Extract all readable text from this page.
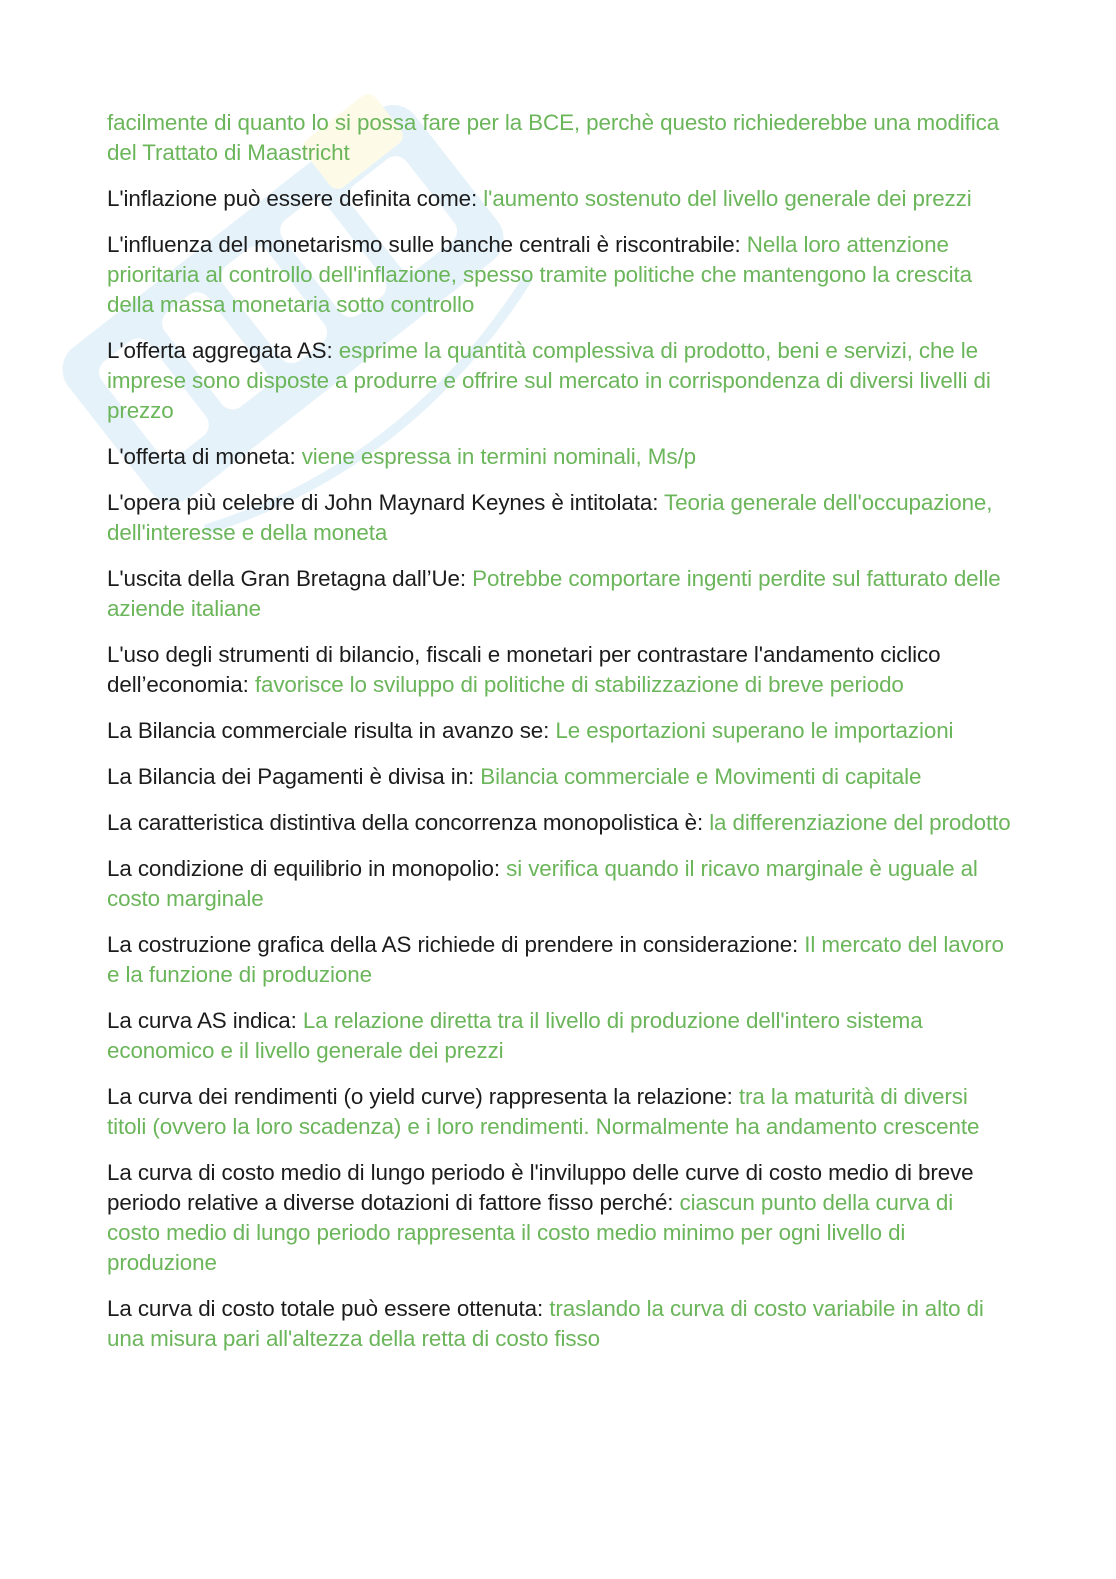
facilmente di quanto lo si possa fare per la BCE, perchè questo richiederebbe una modifica del Trattato di Maastricht

L'inflazione può essere definita come: l'aumento sostenuto del livello generale dei prezzi

L'influenza del monetarismo sulle banche centrali è riscontrabile: Nella loro attenzione prioritaria al controllo dell'inflazione, spesso tramite politiche che mantengono la crescita della massa monetaria sotto controllo

L'offerta aggregata AS: esprime la quantità complessiva di prodotto, beni e servizi, che le imprese sono disposte a produrre e offrire sul mercato in corrispondenza di diversi livelli di prezzo

L'offerta di moneta: viene espressa in termini nominali, Ms/p

L'opera più celebre di John Maynard Keynes è intitolata: Teoria generale dell'occupazione, dell'interesse e della moneta

L'uscita della Gran Bretagna dall’Ue: Potrebbe comportare ingenti perdite sul fatturato delle aziende italiane

L'uso degli strumenti di bilancio, fiscali e monetari per contrastare l'andamento ciclico dell’economia: favorisce lo sviluppo di politiche di stabilizzazione di breve periodo

La Bilancia commerciale risulta in avanzo se: Le esportazioni superano le importazioni

La Bilancia dei Pagamenti è divisa in: Bilancia commerciale e Movimenti di capitale

La caratteristica distintiva della concorrenza monopolistica è: la differenziazione del prodotto

La condizione di equilibrio in monopolio: si verifica quando il ricavo marginale è uguale al costo marginale

La costruzione grafica della AS richiede di prendere in considerazione: Il mercato del lavoro e la funzione di produzione

La curva AS indica: La relazione diretta tra il livello di produzione dell'intero sistema economico e il livello generale dei prezzi

La curva dei rendimenti (o yield curve) rappresenta la relazione: tra la maturità di diversi titoli (ovvero la loro scadenza) e i loro rendimenti. Normalmente ha andamento crescente

La curva di costo medio di lungo periodo è l'inviluppo delle curve di costo medio di breve periodo relative a diverse dotazioni di fattore fisso perché: ciascun punto della curva di costo medio di lungo periodo rappresenta il costo medio minimo per ogni livello di produzione

La curva di costo totale può essere ottenuta: traslando la curva di costo variabile in alto di una misura pari all'altezza della retta di costo fisso
